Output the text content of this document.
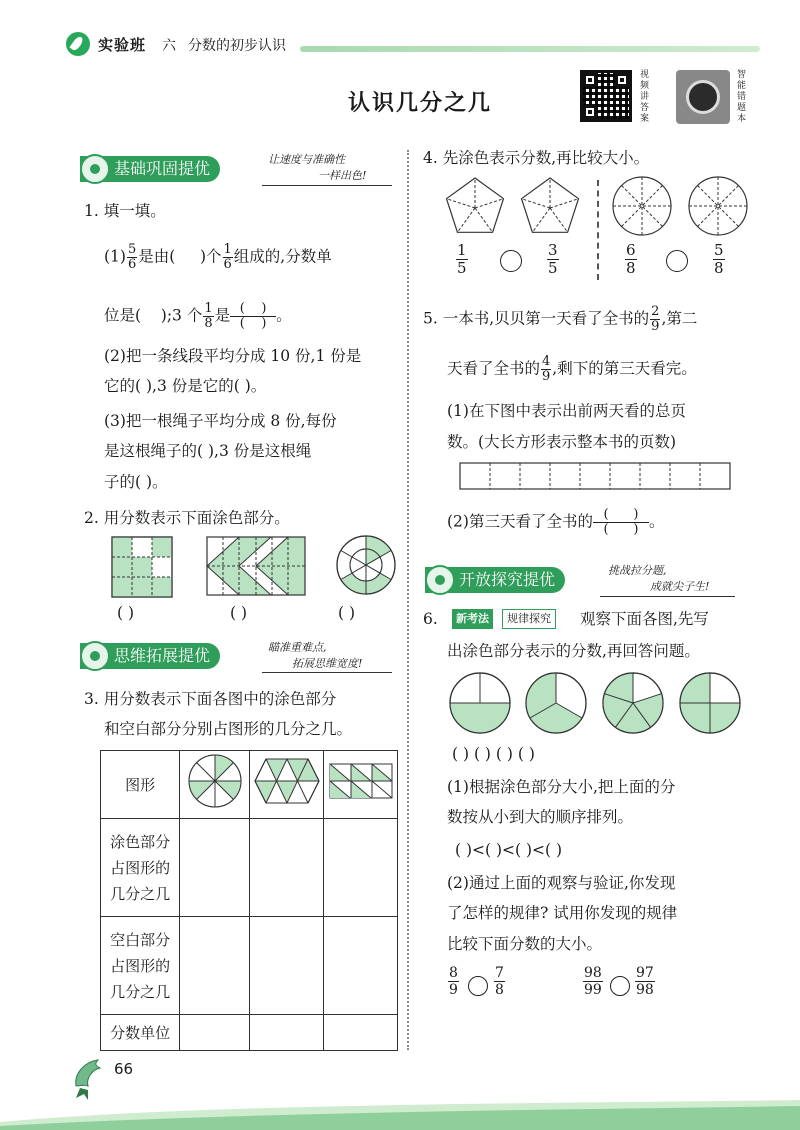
实验班 六 分数的初步认识
认识几分之几
视频讲答案
智能错题本
基础巩固提优	让速度与准确性
一样出色!
1. 填一填。
$(1) \frac{5}{6}$ 是由( )个 $\frac{1}{6}$ 组成的,分数单
位是( );3 个 $\frac{1}{8}$ 是 $\frac{( )}{( )}$ 。
(2)把一条线段平均分成 10 份,1 份是
它的( ),3 份是它的( )。
(3)把一根绳子平均分成 8 份,每份
是这根绳子的( ),3 份是这根绳
子的( )。
2. 用分数表示下面涂色部分。
( )	( )	( )
思维拓展提优	瞄准重难点,
拓展思维宽度!
3. 用分数表示下面各图中的涂色部分
和空白部分分别占图形的几分之几。
图形			

涂色部分
占图形的
几分之几			

空白部分
占图形的
几分之几			

分数单位			
4. 先涂色表示分数,再比较大小。
$\frac{1}{5}$	$\frac{3}{5}$	$\frac{6}{8}$	$\frac{5}{8}$
5. 一本书,贝贝第一天看了全书的 $\frac{2}{9}$ ,第二
天看了全书的 $\frac{4}{9}$ ,剩下的第三天看完。
(1)在下图中表示出前两天看的总页
数。(大长方形表示整本书的页数)
(2)第三天看了全书的 $\frac{( )}{( )}$ 。
开放探究提优	挑战拉分题,
成就尖子生!
6.	新考法	规律探究	观察下面各图,先写
出涂色部分表示的分数,再回答问题。
( ) ( ) ( ) ( )
(1)根据涂色部分大小,把上面的分
数按从小到大的顺序排列。
( )<( )<( )<( )
(2)通过上面的观察与验证,你发现
了怎样的规律? 试用你发现的规律
比较下面分数的大小。
$\frac{8}{9}$	$\frac{7}{8}$	$\frac{98}{99} \frac{97}{98}$
66
